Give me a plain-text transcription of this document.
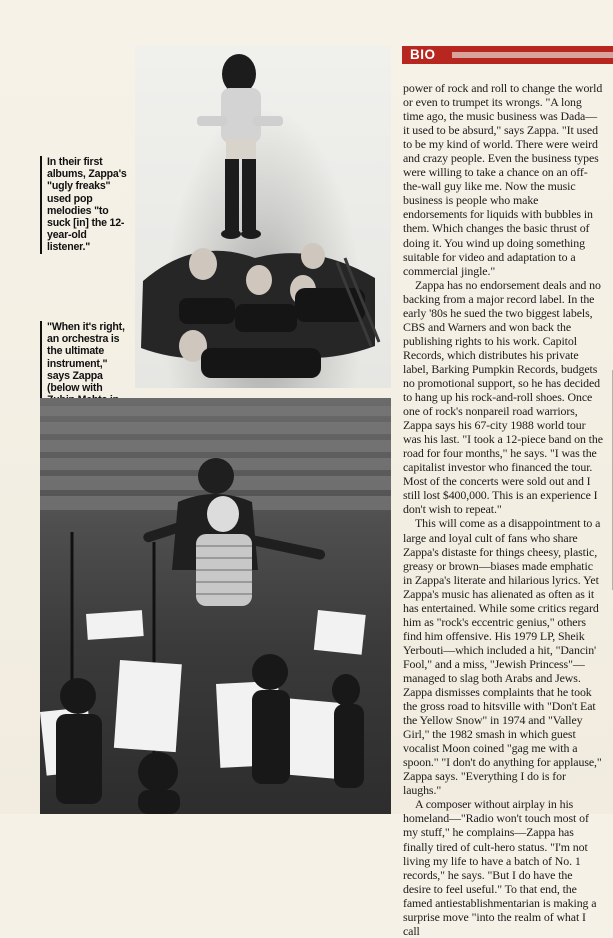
In their first albums, Zappa's "ugly freaks" used pop melodies "to suck [in] the 12-year-old listener."
"When it's right, an orchestra is the ultimate instrument," says Zappa (below with
BIO

power of rock and roll to change the world or even to trumpet its wrongs. "A long time ago, the music business was Dada—it used to be absurd," says Zappa. "It used to be my kind of world. There were weird and crazy people. Even the business types were willing to take a chance on an off-the-wall guy like me. Now the music business is people who make endorsements for liquids with bubbles in them. Which changes the basic thrust of doing it. You wind up doing something suitable for video and adaptation to a commercial jingle."

Zappa has no endorsement deals and no backing from a major record label. In the early '80s he sued the two biggest labels, CBS and Warners and won back the publishing rights to his work. Capitol Records, which distributes his private label, Barking Pumpkin Records, budgets no promotional support, so he has decided to hang up his rock-and-roll shoes. Once one of rock's nonpareil road warriors, Zappa says his 67-city 1988 world tour was his last. "I took a 12-piece band on the road for four months," he says. "I was the capitalist investor who financed the tour. Most of the concerts were sold out and I still lost $400,000. This is an experience I don't wish to repeat."

This will come as a disappointment to a large and loyal cult of fans who share Zappa's distaste for things cheesy, plastic, greasy or brown—biases made emphatic in Zappa's literate and hilarious lyrics. Yet Zappa's music has alienated as often as it has entertained. While some critics regard him as "rock's eccentric genius," others find him offensive. His 1979 LP, Sheik Yerbouti—which included a hit, "Dancin' Fool," and a miss, "Jewish Princess"—managed to slag both Arabs and Jews. Zappa dismisses complaints that he took the gross road to hitsville with "Don't Eat the Yellow Snow" in 1974 and "Valley Girl," the 1982 smash in which guest vocalist Moon coined "gag me with a spoon." "I don't do anything for applause," Zappa says. "Everything I do is for laughs."

A composer without airplay in his homeland—"Radio won't touch most of my stuff," he complains—Zappa has finally tired of cult-hero status. "I'm not living my life to have a batch of No. 1 records," he says. "But I do have the desire to feel useful." To that end, the famed antiestablishmentarian is making a surprise move "into the realm of what I call
